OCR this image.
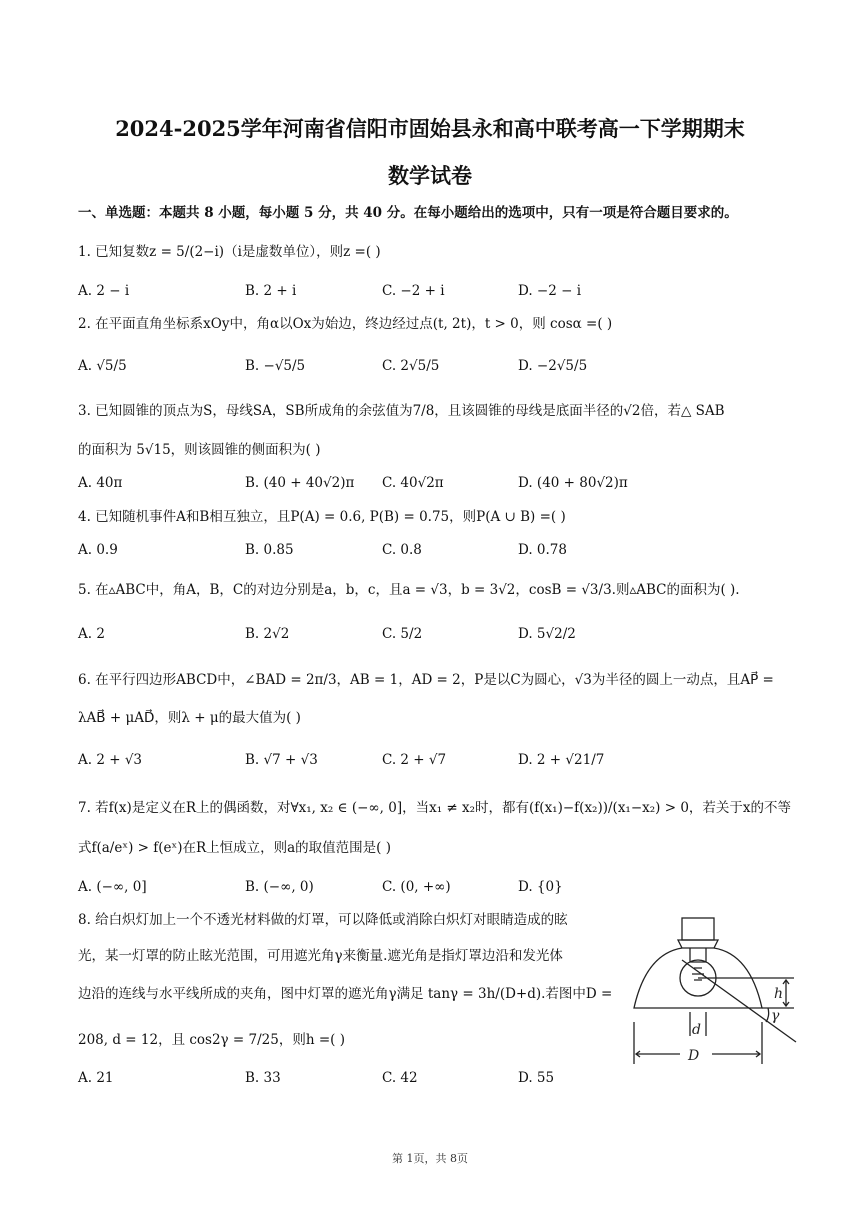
2024-2025学年河南省信阳市固始县永和高中联考高一下学期期末
数学试卷
一、单选题：本题共 8 小题，每小题 5 分，共 40 分。在每小题给出的选项中，只有一项是符合题目要求的。
1. 已知复数z = 5/(2−i)（i是虚数单位），则z =( )
A. 2 − i	B. 2 + i	C. −2 + i	D. −2 − i
2. 在平面直角坐标系xOy中，角α以Ox为始边，终边经过点(t, 2t)，t > 0，则 cosα =( )
A. √5/5	B. −√5/5	C. 2√5/5	D. −2√5/5
3. 已知圆锥的顶点为S，母线SA，SB所成角的余弦值为7/8，且该圆锥的母线是底面半径的√2倍，若△ SAB
的面积为 5√15，则该圆锥的侧面积为( )
A. 40π	B. (40 + 40√2)π C. 40√2π	D. (40 + 80√2)π
4. 已知随机事件A和B相互独立，且P(A) = 0.6, P(B) = 0.75，则P(A ∪ B) =( )
A. 0.9	B. 0.85	C. 0.8	D. 0.78
5. 在▵ABC中，角A，B，C的对边分别是a，b，c，且a = √3，b = 3√2，cosB = √3/3.则▵ABC的面积为( ).
A. 2	B. 2√2	C. 5/2	D. 5√2/2
6. 在平行四边形ABCD中，∠BAD = 2π/3，AB = 1，AD = 2，P是以C为圆心，√3为半径的圆上一动点，且AP⃗ =
λAB⃗ + μAD⃗，则λ + μ的最大值为( )
A. 2 + √3	B. √7 + √3	C. 2 + √7	D. 2 + √21/7
7. 若f(x)是定义在R上的偶函数，对∀x₁, x₂ ∈ (−∞, 0]，当x₁ ≠ x₂时，都有(f(x₁)−f(x₂))/(x₁−x₂) > 0，若关于x的不等
式f(a/eˣ) > f(eˣ)在R上恒成立，则a的取值范围是( )
A. (−∞, 0]	B. (−∞, 0)	C. (0, +∞)	D. {0}
8. 给白炽灯加上一个不透光材料做的灯罩，可以降低或消除白炽灯对眼睛造成的眩
光，某一灯罩的防止眩光范围，可用遮光角γ来衡量.遮光角是指灯罩边沿和发光体
边沿的连线与水平线所成的夹角，图中灯罩的遮光角γ满足 tanγ = 3h/(D+d).若图中D =
208, d = 12，且 cos2γ = 7/25，则h =( )
A. 21	B. 33	C. 42	D. 55
h
γ
d
D
第 1页，共 8页
